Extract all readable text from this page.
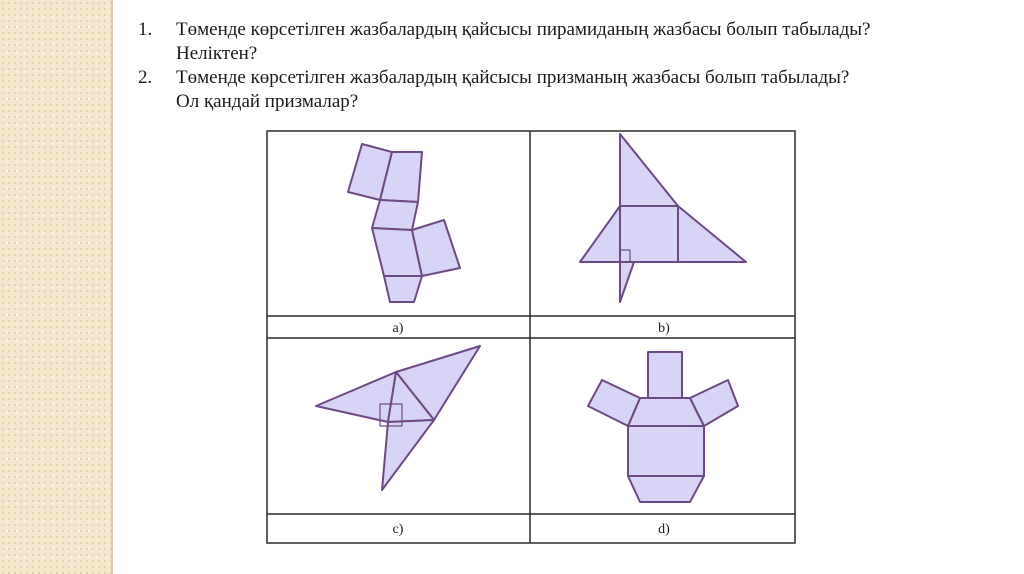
1. Төменде көрсетілген жазбалардың қайсысы пирамиданың жазбасы болып табылады?
Неліктен?
2. Төменде көрсетілген жазбалардың қайсысы призманың жазбасы болып табылады?
Ол қандай призмалар?
a)	b)
c)	d)
